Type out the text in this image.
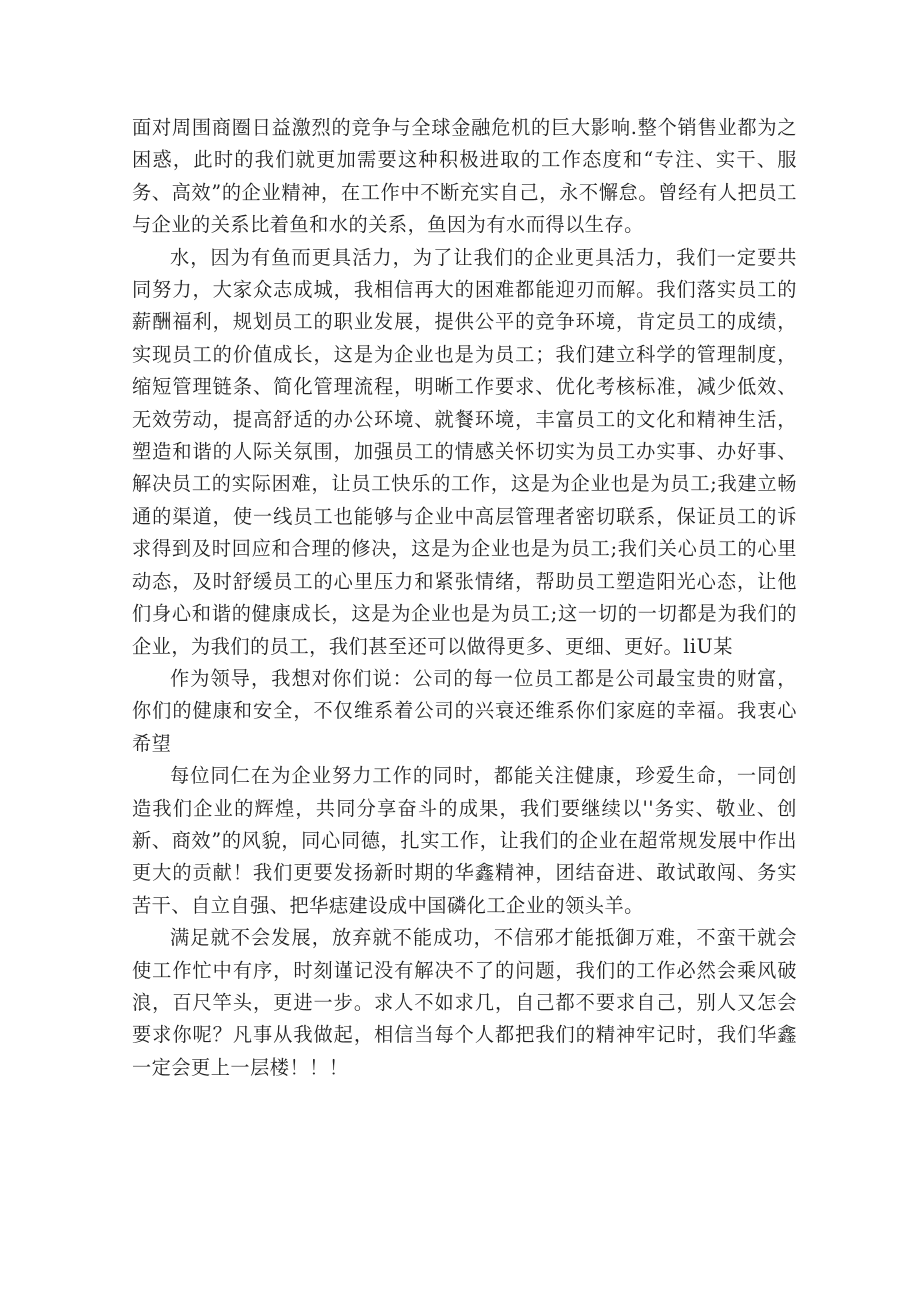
面对周围商圈日益激烈的竞争与全球金融危机的巨大影响.整个销售业都为之困惑，此时的我们就更加需要这种积极进取的工作态度和“专注、实干、服务、高效”的企业精神，在工作中不断充实自己，永不懈怠。曾经有人把员工与企业的关系比着鱼和水的关系，鱼因为有水而得以生存。

水，因为有鱼而更具活力，为了让我们的企业更具活力，我们一定要共同努力，大家众志成城，我相信再大的困难都能迎刃而解。我们落实员工的薪酬福利，规划员工的职业发展，提供公平的竞争环境，肯定员工的成绩，实现员工的价值成长，这是为企业也是为员工；我们建立科学的管理制度，缩短管理链条、简化管理流程，明晰工作要求、优化考核标准，减少低效、无效劳动，提高舒适的办公环境、就餐环境，丰富员工的文化和精神生活，塑造和谐的人际关氛围，加强员工的情感关怀切实为员工办实事、办好事、解决员工的实际困难，让员工快乐的工作，这是为企业也是为员工;我建立畅通的渠道，使一线员工也能够与企业中高层管理者密切联系，保证员工的诉求得到及时回应和合理的修决，这是为企业也是为员工;我们关心员工的心里动态，及时舒缓员工的心里压力和紧张情绪，帮助员工塑造阳光心态，让他们身心和谐的健康成长，这是为企业也是为员工;这一切的一切都是为我们的企业，为我们的员工，我们甚至还可以做得更多、更细、更好。liU某

作为领导，我想对你们说：公司的每一位员工都是公司最宝贵的财富，你们的健康和安全，不仅维系着公司的兴衰还维系你们家庭的幸福。我衷心希望

每位同仁在为企业努力工作的同时，都能关注健康，珍爱生命，一同创造我们企业的辉煌，共同分享奋斗的成果，我们要继续以''务实、敬业、创新、商效”的风貌，同心同德，扎实工作，让我们的企业在超常规发展中作出更大的贡献！我们更要发扬新时期的华鑫精神，团结奋进、敢试敢闯、务实苦干、自立自强、把华痣建设成中国磷化工企业的领头羊。

满足就不会发展，放弃就不能成功，不信邪才能抵御万难，不蛮干就会使工作忙中有序，时刻谨记没有解决不了的问题，我们的工作必然会乘风破浪，百尺竿头，更进一步。求人不如求几，自己都不要求自己，别人又怎会要求你呢？凡事从我做起，相信当每个人都把我们的精神牢记时，我们华鑫一定会更上一层楼！！！
